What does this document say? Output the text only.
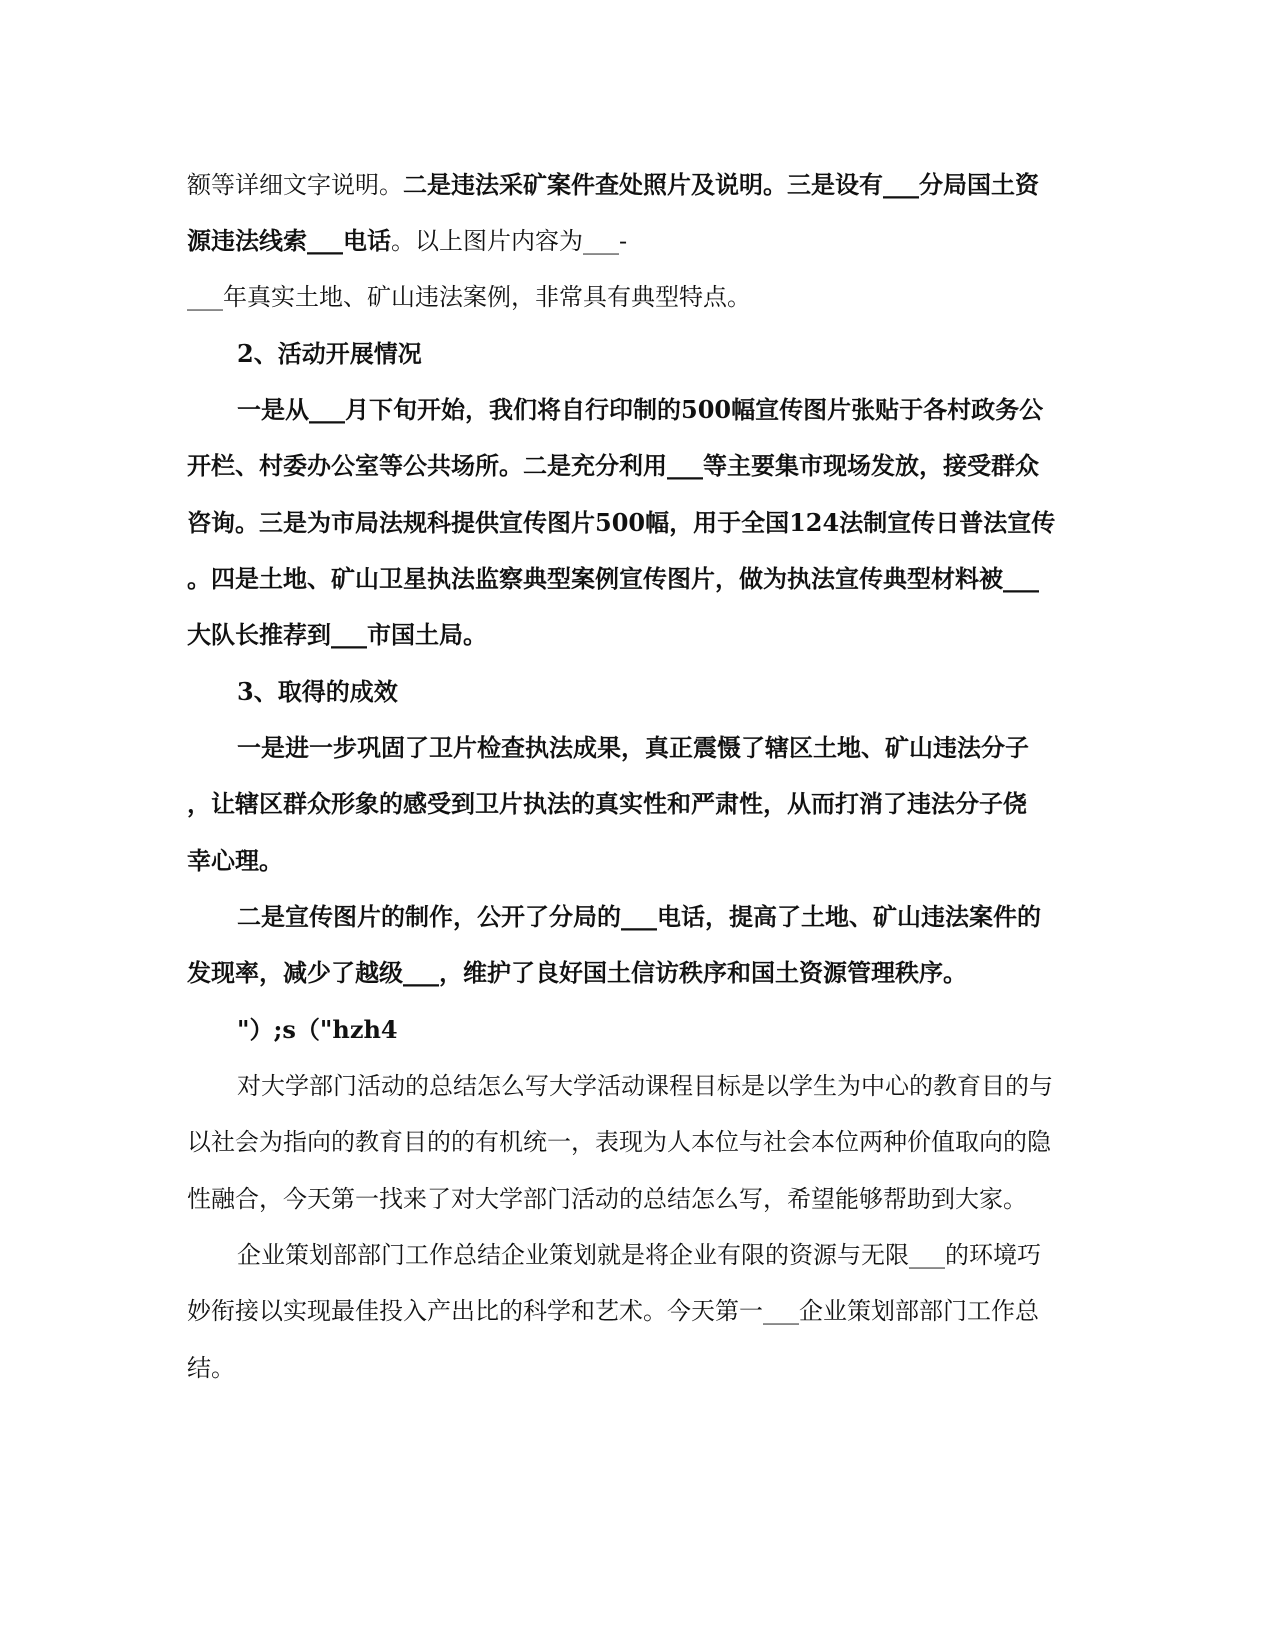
额等详细文字说明。二是违法采矿案件查处照片及说明。三是设有___分局国土资
源违法线索___电话。以上图片内容为___-
___年真实土地、矿山违法案例，非常具有典型特点。
2、活动开展情况
一是从___月下旬开始，我们将自行印制的500幅宣传图片张贴于各村政务公
开栏、村委办公室等公共场所。二是充分利用___等主要集市现场发放，接受群众
咨询。三是为市局法规科提供宣传图片500幅，用于全国124法制宣传日普法宣传
。四是土地、矿山卫星执法监察典型案例宣传图片，做为执法宣传典型材料被___
大队长推荐到___市国土局。
3、取得的成效
一是进一步巩固了卫片检查执法成果，真正震慑了辖区土地、矿山违法分子
，让辖区群众形象的感受到卫片执法的真实性和严肃性，从而打消了违法分子侥
幸心理。
二是宣传图片的制作，公开了分局的___电话，提高了土地、矿山违法案件的
发现率，减少了越级___，维护了良好国土信访秩序和国土资源管理秩序。
"）;s（"hzh4
对大学部门活动的总结怎么写大学活动课程目标是以学生为中心的教育目的与
以社会为指向的教育目的的有机统一，表现为人本位与社会本位两种价值取向的隐
性融合，今天第一找来了对大学部门活动的总结怎么写，希望能够帮助到大家。
企业策划部部门工作总结企业策划就是将企业有限的资源与无限___的环境巧
妙衔接以实现最佳投入产出比的科学和艺术。今天第一___企业策划部部门工作总
结。
